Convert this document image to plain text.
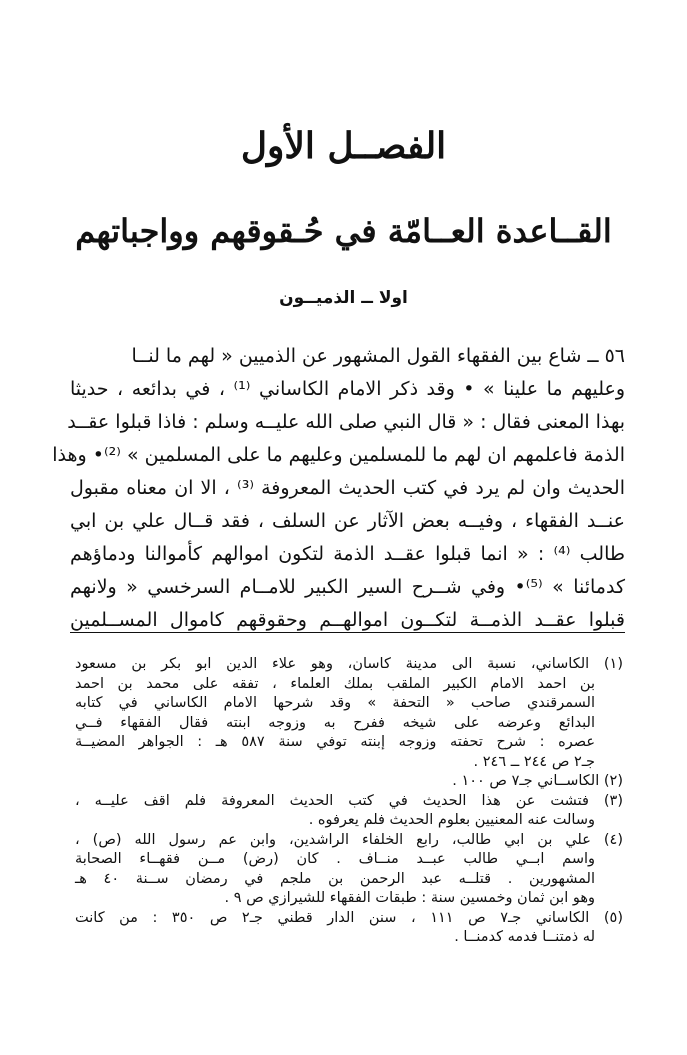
الفصــل الأول
القــاعدة العــامّة في حُـقوقهم وواجباتهم
اولا ــ الذميــون
٥٦ ــ شاع بين الفقهاء القول المشهور عن الذميين « لهم ما لنــا
وعليهم ما علينا » • وقد ذكر الامام الكاساني ⁽¹⁾ ، في بدائعه ، حديثا
بهذا المعنى فقال : « قال النبي صلى الله عليــه وسلم : فاذا قبلوا عقــد
الذمة فاعلمهم ان لهم ما للمسلمين وعليهم ما على المسلمين » ⁽²⁾• وهذا
الحديث وان لم يرد في كتب الحديث المعروفة ⁽³⁾ ، الا ان معناه مقبول
عنــد الفقهاء ، وفيــه بعض الآثار عن السلف ، فقد قــال علي بن ابي
طالب ⁽⁴⁾ : « انما قبلوا عقــد الذمة لتكون اموالهم كأموالنا ودماؤهم
كدمائنا » ⁽⁵⁾• وفي شــرح السير الكبير للامــام السرخسي « ولانهم
قبلوا عقــد الذمــة لتكــون اموالهــم وحقوقهم كاموال المســلمين
(١) الكاساني، نسبة الى مدينة كاسان، وهو علاء الدين ابو بكر بن مسعود
بن احمد الامام الكبير الملقب بملك العلماء ، تفقه على محمد بن احمد
السمرقندي صاحب « التحفة » وقد شرحها الامام الكاساني في كتابه
البدائع وعرضه على شيخه ففرح به وزوجه ابنته فقال الفقهاء فــي
عصره : شرح تحفته وزوجه إبنته توفي سنة ٥٨٧ هـ : الجواهر المضيــة
جـ٢ ص ٢٤٤ ــ ٢٤٦ .
(٢) الكاســاني جـ٧ ص ١٠٠ .
(٣) فتشت عن هذا الحديث في كتب الحديث المعروفة فلم اقف عليــه ،
وسالت عنه المعنيين بعلوم الحديث فلم يعرفوه .
(٤) علي بن ابي طالب، رابع الخلفاء الراشدين، وابن عم رسول الله (ص) ،
واسم ابــي طالب عبــد منــاف . كان (رض) مــن فقهــاء الصحابة
المشهورين . قتلــه عبد الرحمن بن ملجم في رمضان ســنة ٤٠ هـ
وهو ابن ثمان وخمسين سنة : طبقات الفقهاء للشيرازي ص ٩ .
(٥) الكاساني جـ٧ ص ١١١ ، سنن الدار قطني جـ٢ ص ٣٥٠ : من كانت
له ذمتنــا فدمه كدمنــا .
